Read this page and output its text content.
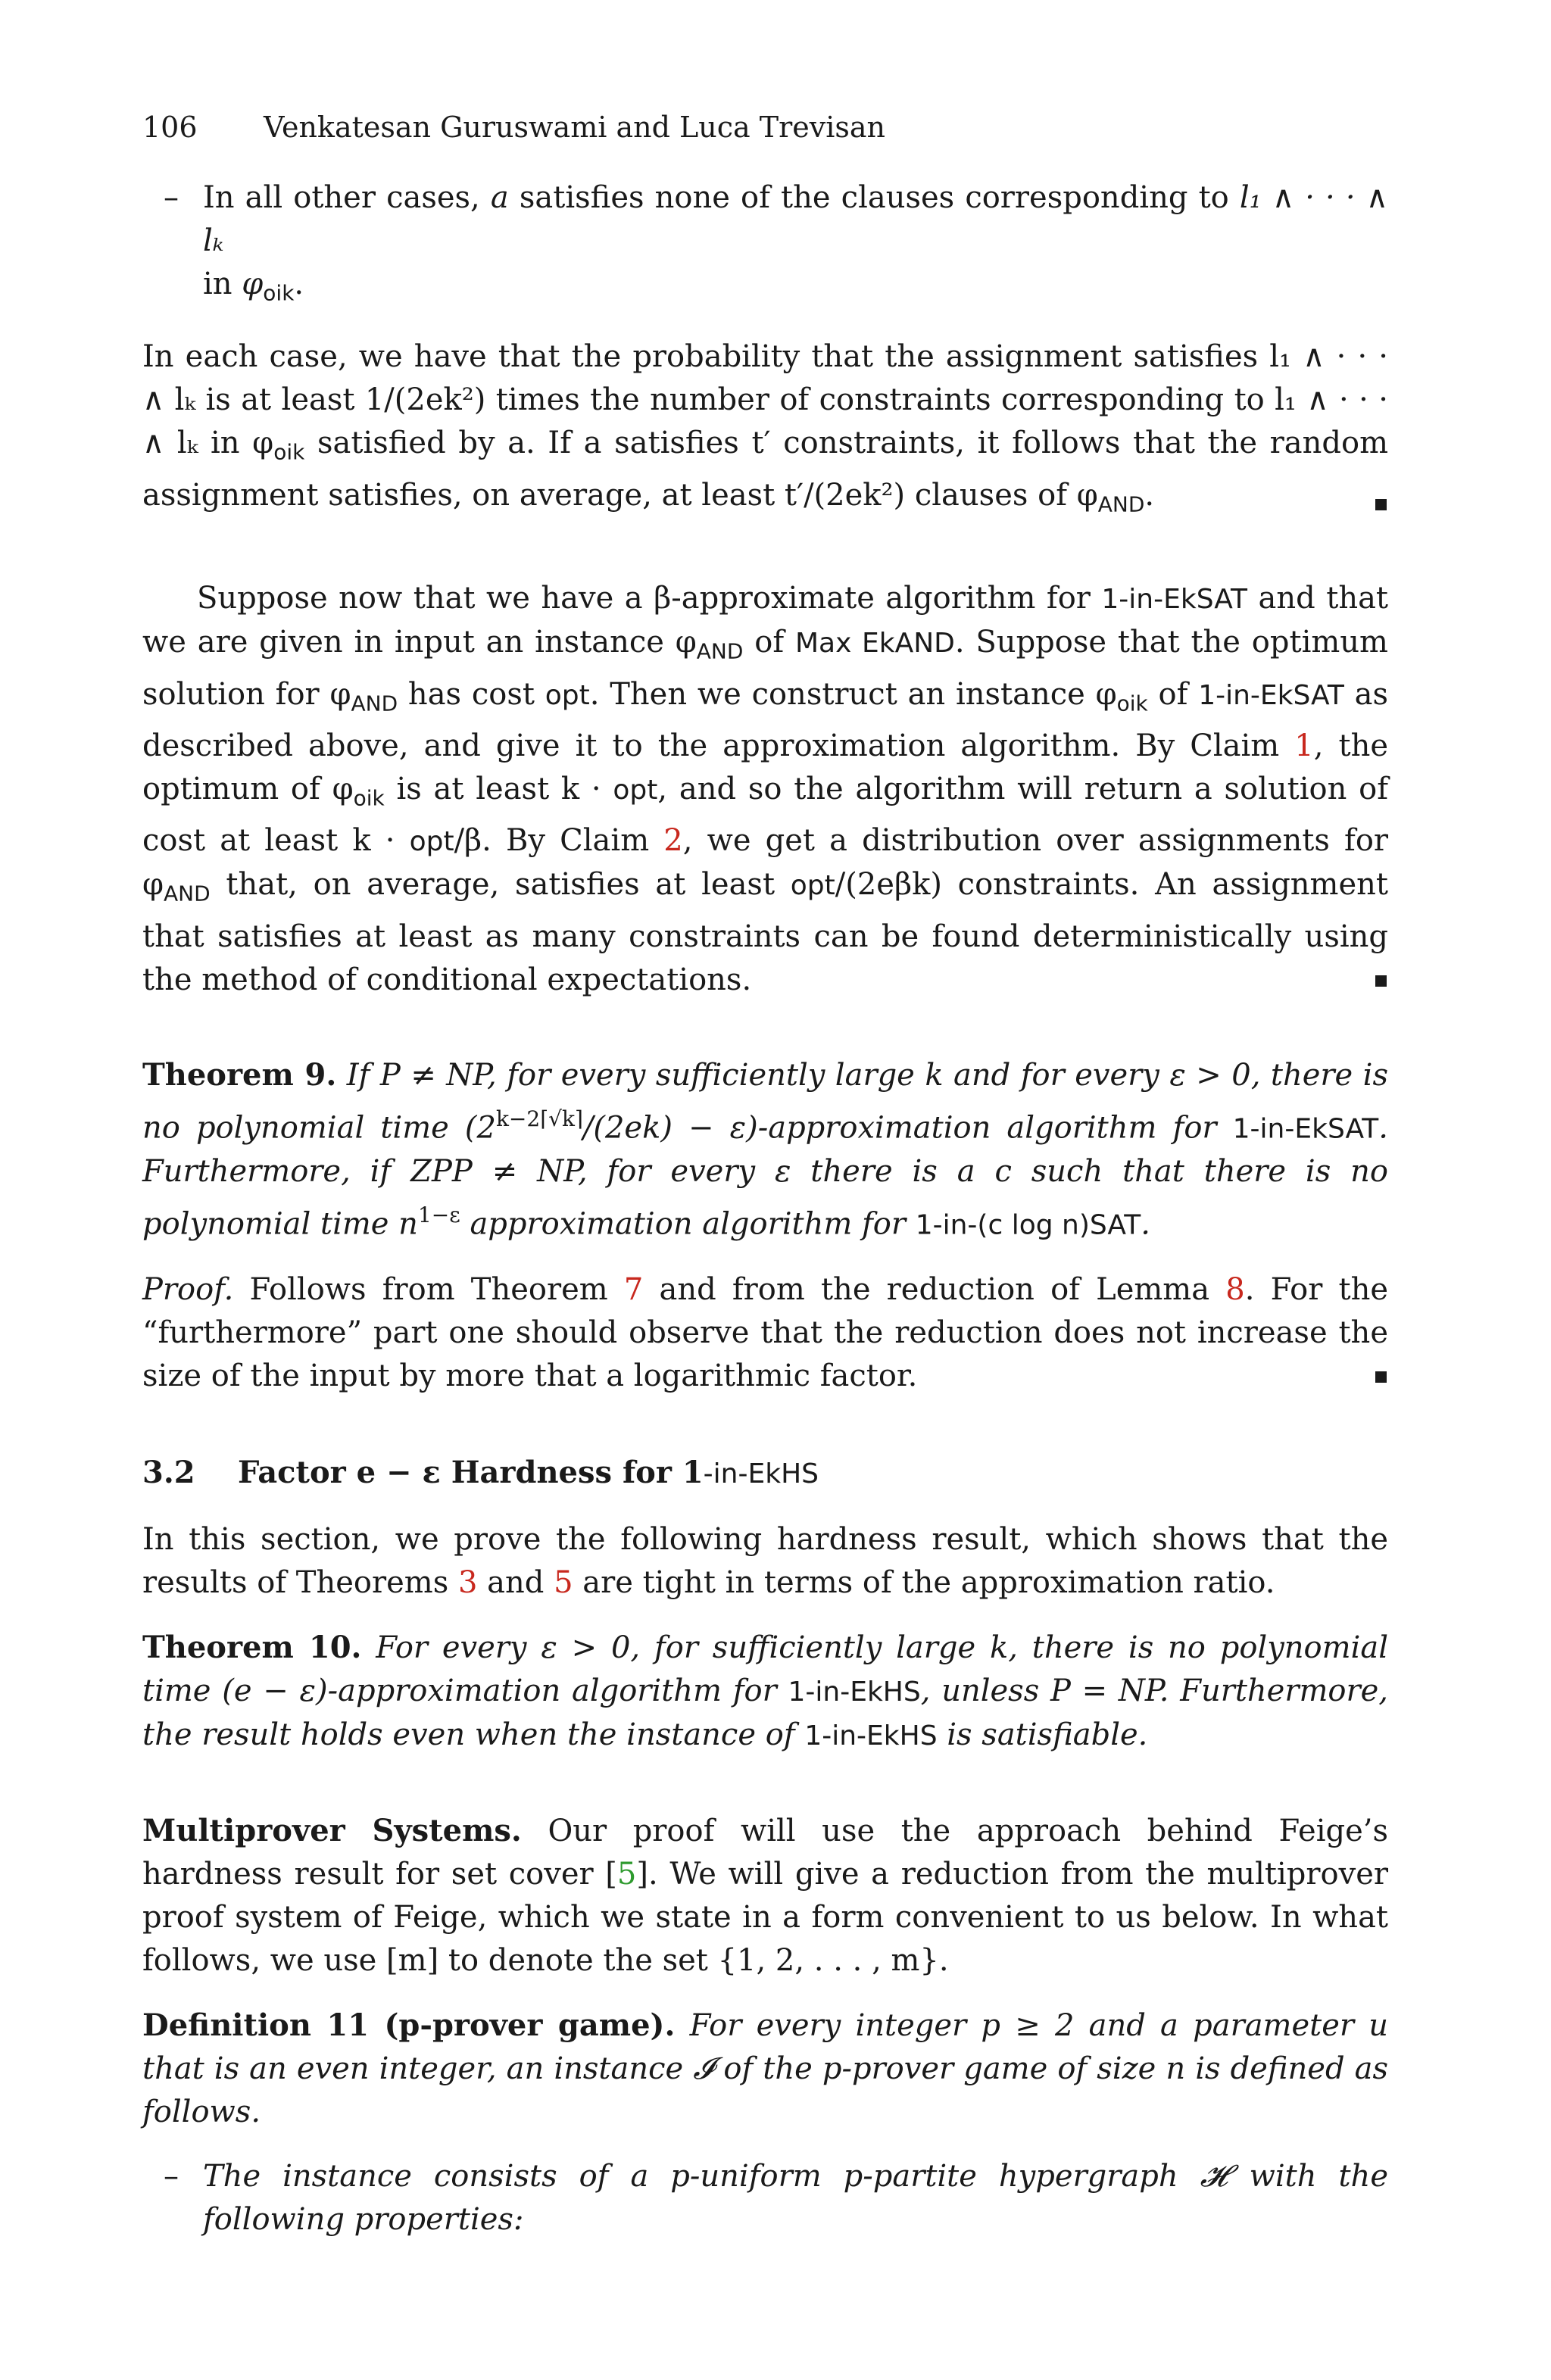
106 Venkatesan Guruswami and Luca Trevisan
– In all other cases, a satisfies none of the clauses corresponding to l₁ ∧ · · · ∧ lₖ
in $\varphi_{oik}$.

In each case, we have that the probability that the assignment satisfies l₁ ∧ · · · ∧ lₖ is at least 1/(2ek²) times the number of constraints corresponding to l₁ ∧ · · · ∧ lₖ in $\varphi_{oik}$ satisfied by a. If a satisfies t′ constraints, it follows that the random assignment satisfies, on average, at least t′/(2ek²) clauses of $\varphi_{AND}$.

Suppose now that we have a β-approximate algorithm for 1-in-EkSAT and that we are given in input an instance $\varphi_{AND}$ of Max EkAND. Suppose that the optimum solution for $\varphi_{AND}$ has cost opt. Then we construct an instance $\varphi_{oik}$ of 1-in-EkSAT as described above, and give it to the approximation algorithm. By Claim 1, the optimum of $\varphi_{oik}$ is at least k · opt, and so the algorithm will return a solution of cost at least k · opt/β. By Claim 2, we get a distribution over assignments for $\varphi_{AND}$ that, on average, satisfies at least opt/(2eβk) constraints. An assignment that satisfies at least as many constraints can be found deterministically using the method of conditional expectations.

Theorem 9. If P ≠ NP, for every sufficiently large k and for every ε > 0, there is no polynomial time ($2^{k-2⌈√k⌉}/(2ek)$ − ε)-approximation algorithm for 1-in-EkSAT. Furthermore, if ZPP ≠ NP, for every ε there is a c such that there is no polynomial time $n^{1-\varepsilon}$ approximation algorithm for 1-in-(c log n)SAT.

Proof. Follows from Theorem 7 and from the reduction of Lemma 8. For the “furthermore” part one should observe that the reduction does not increase the size of the input by more that a logarithmic factor.

3.2 Factor e − ε Hardness for 1-in-EkHS

In this section, we prove the following hardness result, which shows that the results of Theorems 3 and 5 are tight in terms of the approximation ratio.

Theorem 10. For every ε > 0, for sufficiently large k, there is no polynomial time (e − ε)-approximation algorithm for 1-in-EkHS, unless P = NP. Furthermore, the result holds even when the instance of 1-in-EkHS is satisfiable.

Multiprover Systems. Our proof will use the approach behind Feige’s hardness result for set cover [5]. We will give a reduction from the multiprover proof system of Feige, which we state in a form convenient to us below. In what follows, we use [m] to denote the set {1, 2, . . . , m}.

Definition 11 (p-prover game). For every integer p ≥ 2 and a parameter u that is an even integer, an instance 𝓘 of the p-prover game of size n is defined as follows.

– The instance consists of a p-uniform p-partite hypergraph 𝓗 with the following properties:
